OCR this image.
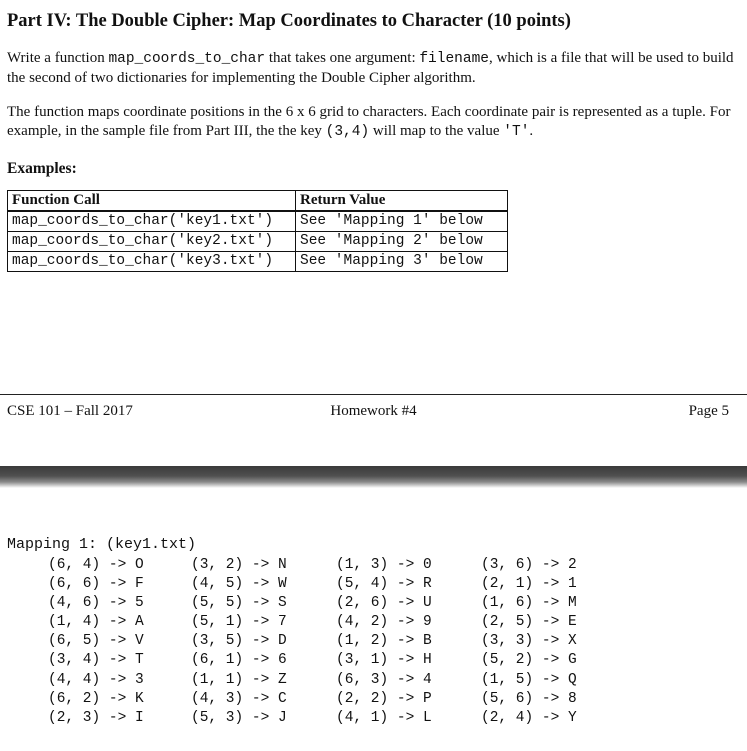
Part IV: The Double Cipher: Map Coordinates to Character (10 points)

Write a function map_coords_to_char that takes one argument: filename, which is a file that will be used to build the second of two dictionaries for implementing the Double Cipher algorithm.

The function maps coordinate positions in the 6 x 6 grid to characters. Each coordinate pair is represented as a tuple. For example, in the sample file from Part III, the the key (3,4) will map to the value 'T'.

Examples:

Function Call	Return Value
map_coords_to_char('key1.txt')	See 'Mapping 1' below
map_coords_to_char('key2.txt')	See 'Mapping 2' below
map_coords_to_char('key3.txt')	See 'Mapping 3' below
CSE 101 – Fall 2017	Homework #4	Page 5

Mapping 1: (key1.txt)

(6, 4) -> O
(6, 6) -> F
(4, 6) -> 5
(1, 4) -> A
(6, 5) -> V
(3, 4) -> T
(4, 4) -> 3
(6, 2) -> K
(2, 3) -> I
(3, 2) -> N
(4, 5) -> W
(5, 5) -> S
(5, 1) -> 7
(3, 5) -> D
(6, 1) -> 6
(1, 1) -> Z
(4, 3) -> C
(5, 3) -> J
(1, 3) -> 0
(5, 4) -> R
(2, 6) -> U
(4, 2) -> 9
(1, 2) -> B
(3, 1) -> H
(6, 3) -> 4
(2, 2) -> P
(4, 1) -> L
(3, 6) -> 2
(2, 1) -> 1
(1, 6) -> M
(2, 5) -> E
(3, 3) -> X
(5, 2) -> G
(1, 5) -> Q
(5, 6) -> 8
(2, 4) -> Y
